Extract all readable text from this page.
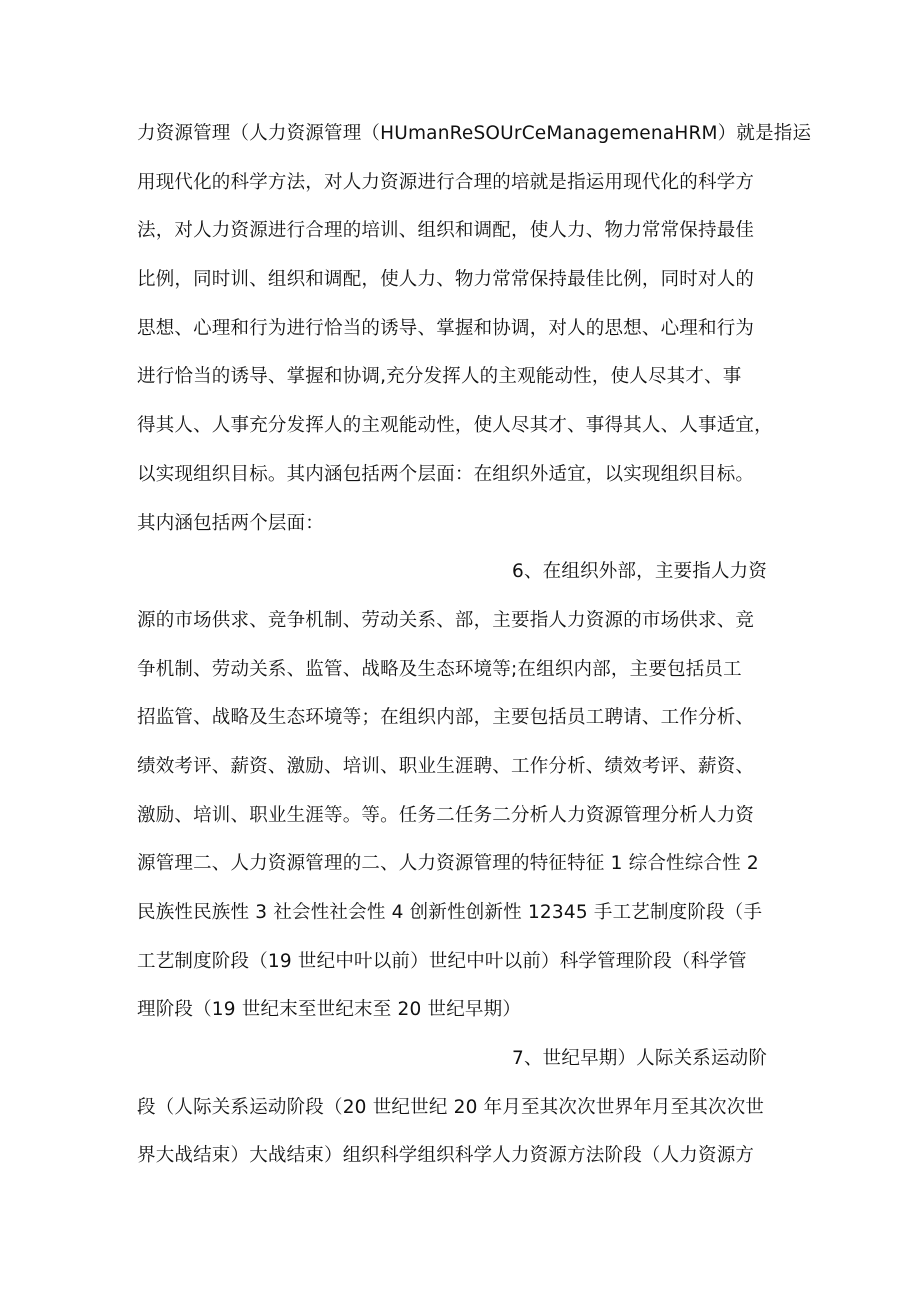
力资源管理（人力资源管理（HUmanReSOUrCeManagemenaHRM）就是指运
用现代化的科学方法，对人力资源进行合理的培就是指运用现代化的科学方
法，对人力资源进行合理的培训、组织和调配，使人力、物力常常保持最佳
比例，同时训、组织和调配，使人力、物力常常保持最佳比例，同时对人的
思想、心理和行为进行恰当的诱导、掌握和协调，对人的思想、心理和行为
进行恰当的诱导、掌握和协调,充分发挥人的主观能动性，使人尽其才、事
得其人、人事充分发挥人的主观能动性，使人尽其才、事得其人、人事适宜，
以实现组织目标。其内涵包括两个层面：在组织外适宜，以实现组织目标。
其内涵包括两个层面：
6、在组织外部，主要指人力资
源的市场供求、竞争机制、劳动关系、部，主要指人力资源的市场供求、竞
争机制、劳动关系、监管、战略及生态环境等;在组织内部，主要包括员工
招监管、战略及生态环境等；在组织内部，主要包括员工聘请、工作分析、
绩效考评、薪资、激励、培训、职业生涯聘、工作分析、绩效考评、薪资、
激励、培训、职业生涯等。等。任务二任务二分析人力资源管理分析人力资
源管理二、人力资源管理的二、人力资源管理的特征特征 1 综合性综合性 2
民族性民族性 3 社会性社会性 4 创新性创新性 12345 手工艺制度阶段（手
工艺制度阶段（19 世纪中叶以前）世纪中叶以前）科学管理阶段（科学管
理阶段（19 世纪末至世纪末至 20 世纪早期）
7、世纪早期）人际关系运动阶
段（人际关系运动阶段（20 世纪世纪 20 年月至其次次世界年月至其次次世
界大战结束）大战结束）组织科学组织科学人力资源方法阶段（人力资源方
